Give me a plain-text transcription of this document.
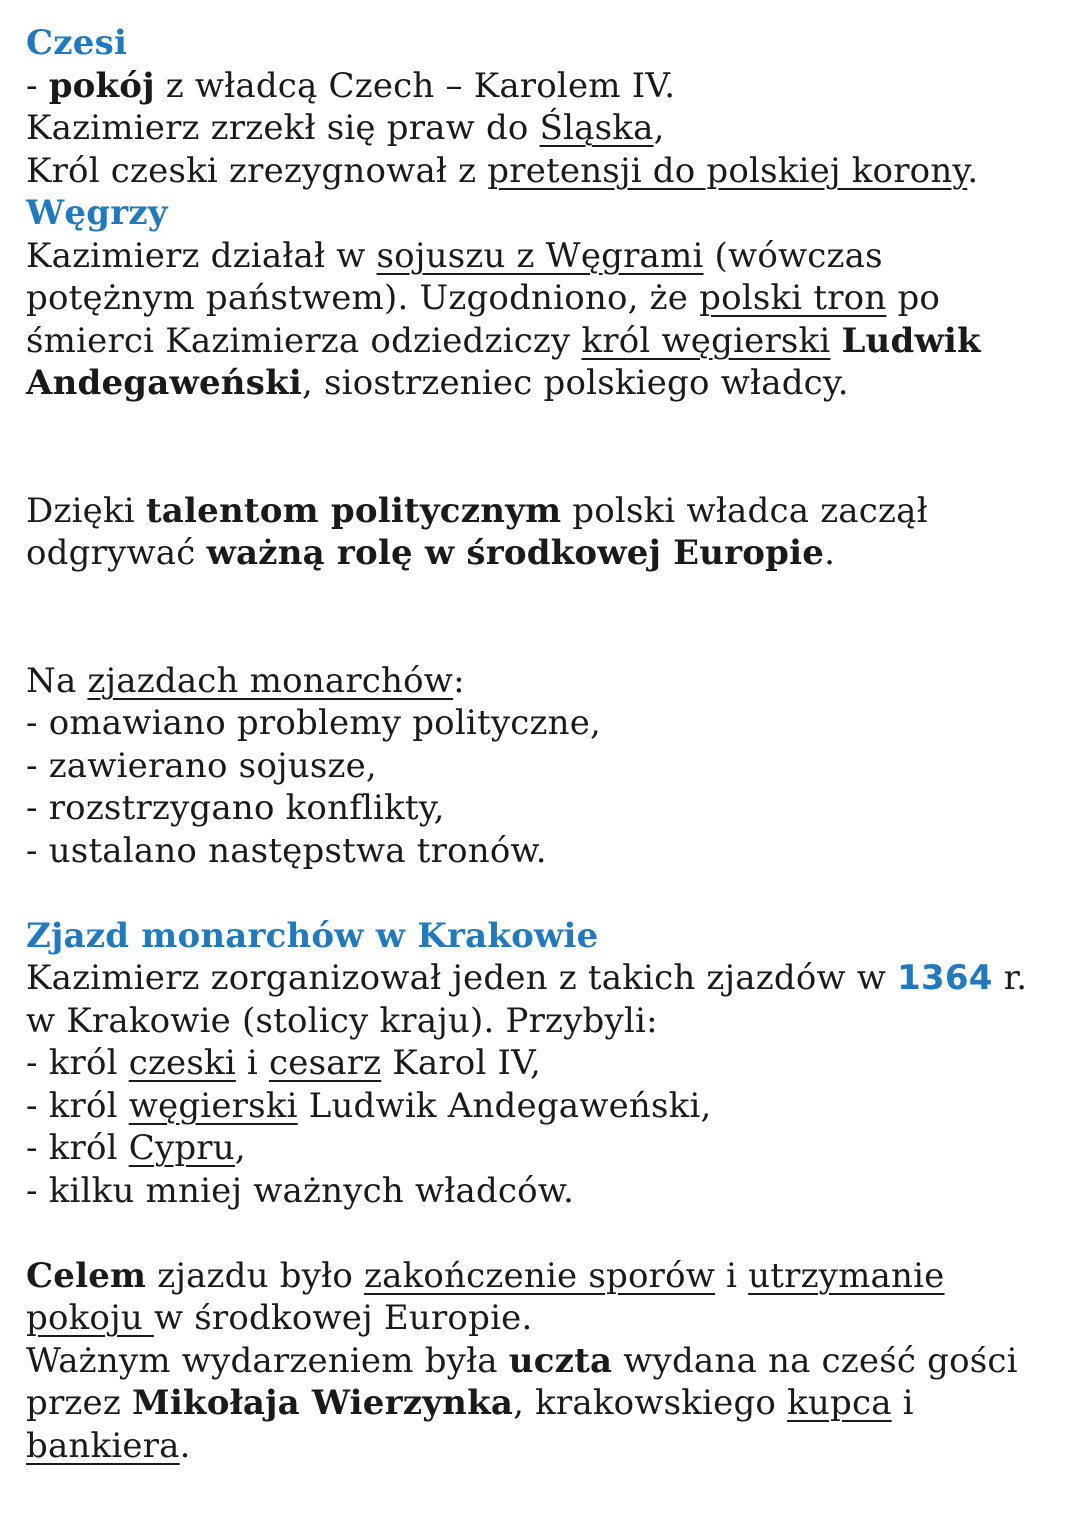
Czesi
- pokój z władcą Czech – Karolem IV.
Kazimierz zrzekł się praw do Śląska,
Król czeski zrezygnował z pretensji do polskiej korony.
Węgrzy
Kazimierz działał w sojuszu z Węgrami (wówczas
potężnym państwem). Uzgodniono, że polski tron po
śmierci Kazimierza odziedziczy król węgierski Ludwik
Andegaweński, siostrzeniec polskiego władcy.
Dzięki talentom politycznym polski władca zaczął
odgrywać ważną rolę w środkowej Europie.
Na zjazdach monarchów:
- omawiano problemy polityczne,
- zawierano sojusze,
- rozstrzygano konflikty,
- ustalano następstwa tronów.
Zjazd monarchów w Krakowie
Kazimierz zorganizował jeden z takich zjazdów w 1364 r.
w Krakowie (stolicy kraju). Przybyli:
- król czeski i cesarz Karol IV,
- król węgierski Ludwik Andegaweński,
- król Cypru,
- kilku mniej ważnych władców.
Celem zjazdu było zakończenie sporów i utrzymanie
pokoju w środkowej Europie.
Ważnym wydarzeniem była uczta wydana na cześć gości
przez Mikołaja Wierzynka, krakowskiego kupca i
bankiera.
